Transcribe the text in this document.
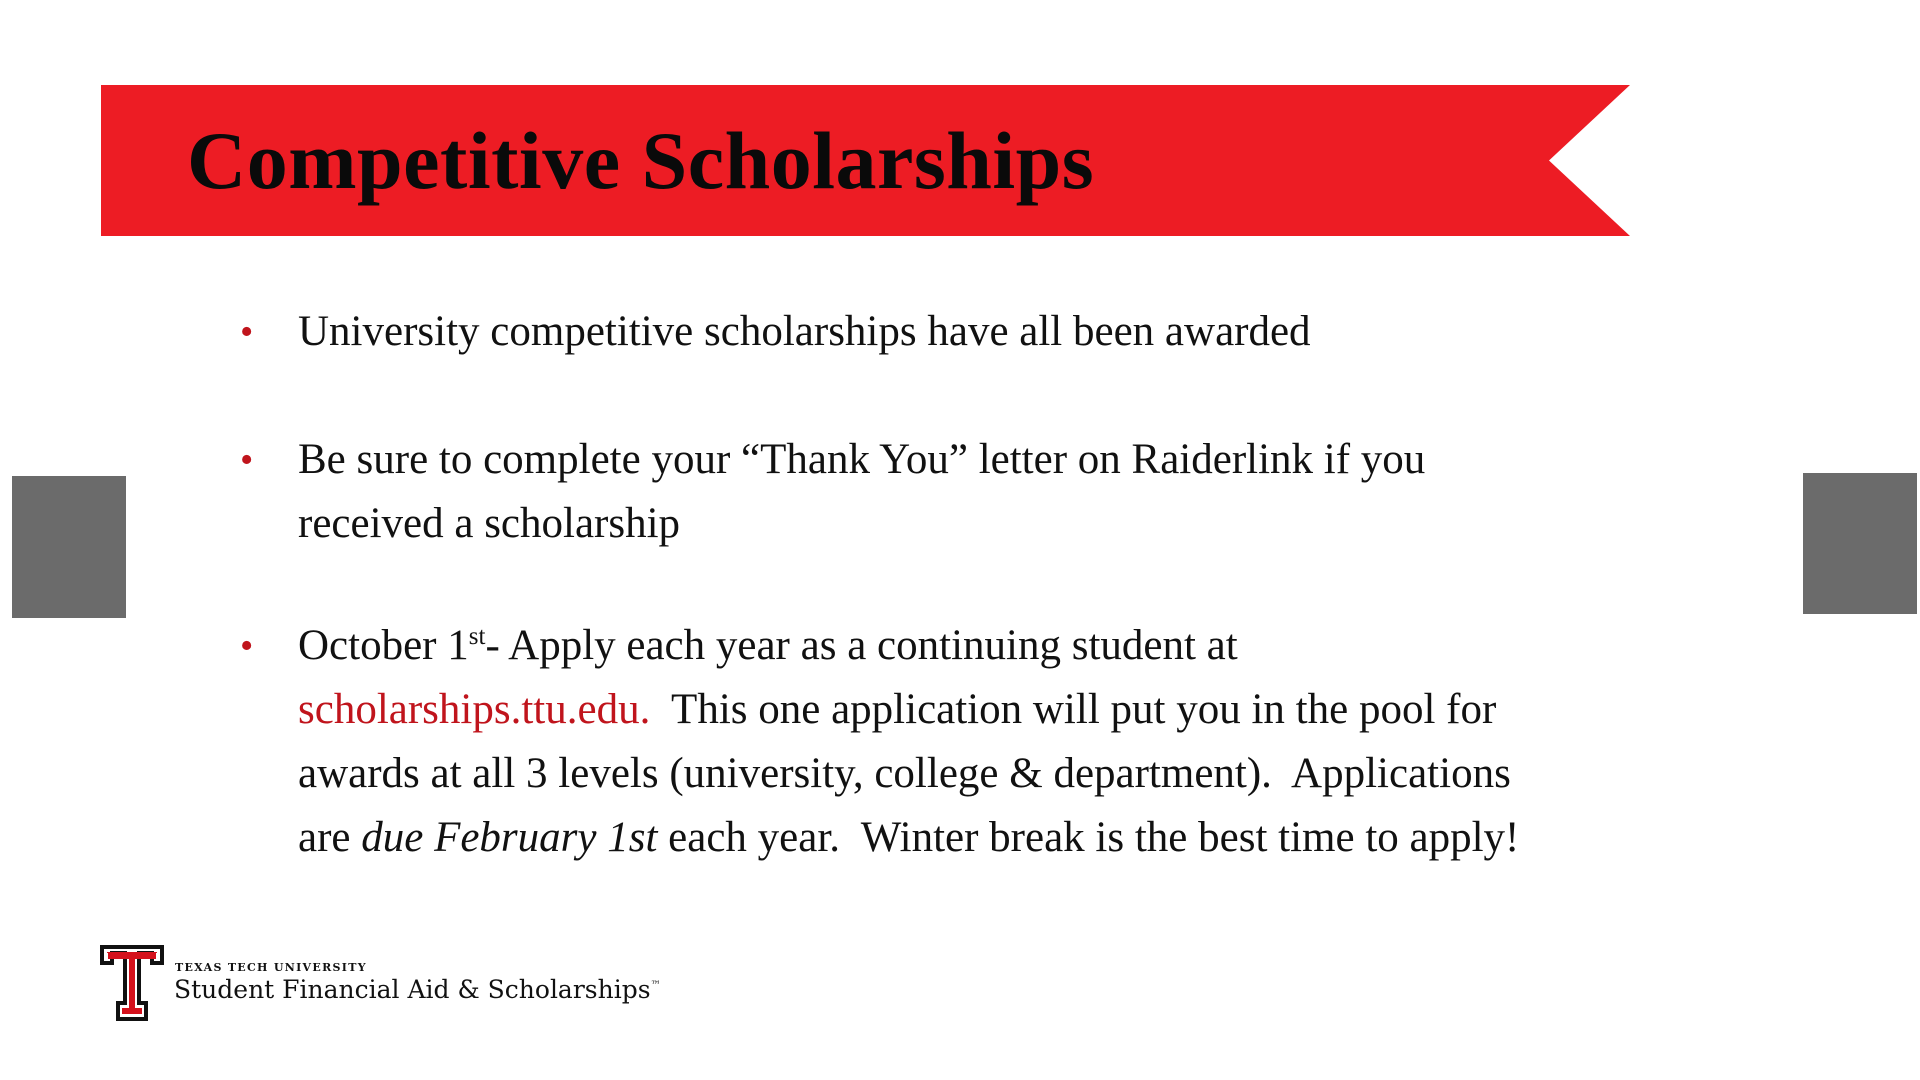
Competitive Scholarships
• University competitive scholarships have all been awarded
• Be sure to complete your “Thank You” letter on Raiderlink if you
received a scholarship
• October 1st- Apply each year as a continuing student at
scholarships.ttu.edu.  This one application will put you in the pool for
awards at all 3 levels (university, college & department).  Applications
are due February 1st each year.  Winter break is the best time to apply!
TEXAS TECH UNIVERSITY
Student Financial Aid & Scholarships™
